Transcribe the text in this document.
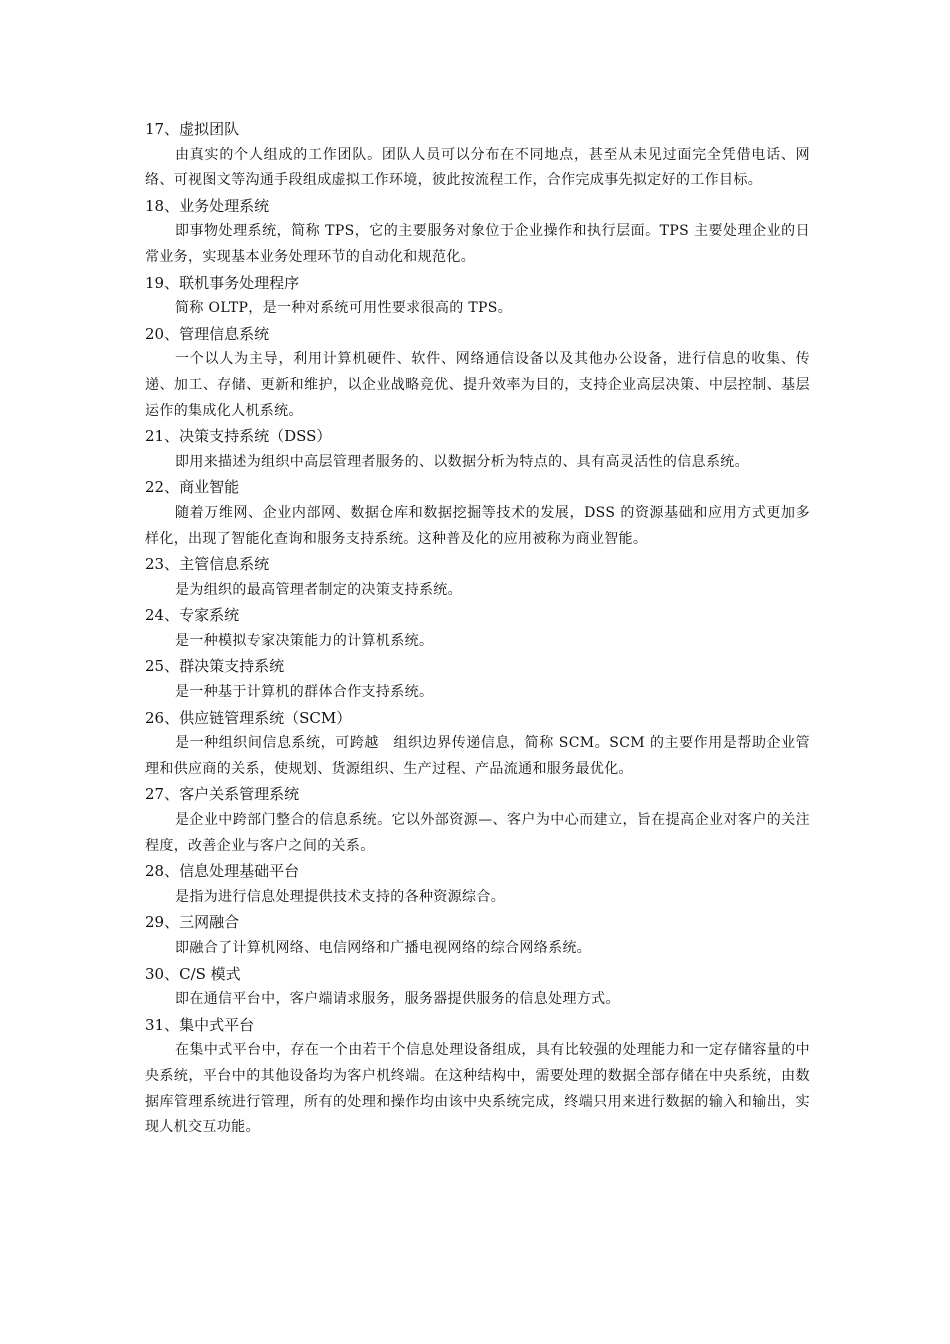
17、虚拟团队

由真实的个人组成的工作团队。团队人员可以分布在不同地点，甚至从未见过面完全凭借电话、网络、可视图文等沟通手段组成虚拟工作环境，彼此按流程工作，合作完成事先拟定好的工作目标。

18、业务处理系统

即事物处理系统，简称 TPS，它的主要服务对象位于企业操作和执行层面。TPS 主要处理企业的日常业务，实现基本业务处理环节的自动化和规范化。

19、联机事务处理程序

简称 OLTP，是一种对系统可用性要求很高的 TPS。

20、管理信息系统

一个以人为主导，利用计算机硬件、软件、网络通信设备以及其他办公设备，进行信息的收集、传递、加工、存储、更新和维护，以企业战略竞优、提升效率为目的，支持企业高层决策、中层控制、基层运作的集成化人机系统。

21、决策支持系统（DSS）

即用来描述为组织中高层管理者服务的、以数据分析为特点的、具有高灵活性的信息系统。

22、商业智能

随着万维网、企业内部网、数据仓库和数据挖掘等技术的发展，DSS 的资源基础和应用方式更加多样化，出现了智能化查询和服务支持系统。这种普及化的应用被称为商业智能。

23、主管信息系统

是为组织的最高管理者制定的决策支持系统。

24、专家系统

是一种模拟专家决策能力的计算机系统。

25、群决策支持系统

是一种基于计算机的群体合作支持系统。

26、供应链管理系统（SCM）

是一种组织间信息系统，可跨越　组织边界传递信息，简称 SCM。SCM 的主要作用是帮助企业管理和供应商的关系，使规划、货源组织、生产过程、产品流通和服务最优化。

27、客户关系管理系统

是企业中跨部门整合的信息系统。它以外部资源—、客户为中心而建立，旨在提高企业对客户的关注程度，改善企业与客户之间的关系。

28、信息处理基础平台

是指为进行信息处理提供技术支持的各种资源综合。

29、三网融合

即融合了计算机网络、电信网络和广播电视网络的综合网络系统。

30、C/S 模式

即在通信平台中，客户端请求服务，服务器提供服务的信息处理方式。

31、集中式平台

在集中式平台中，存在一个由若干个信息处理设备组成，具有比较强的处理能力和一定存储容量的中央系统，平台中的其他设备均为客户机终端。在这种结构中，需要处理的数据全部存储在中央系统，由数据库管理系统进行管理，所有的处理和操作均由该中央系统完成，终端只用来进行数据的输入和输出，实现人机交互功能。
